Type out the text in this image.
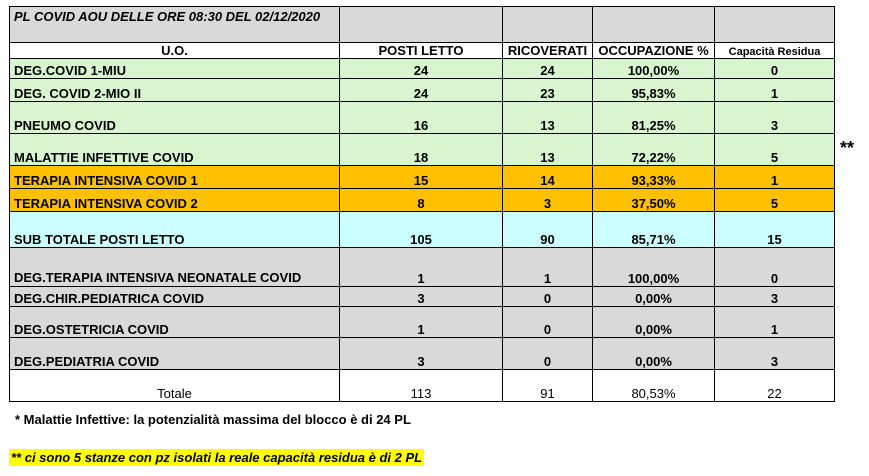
PL COVID AOU DELLE ORE 08:30 DEL 02/12/2020				
U.O.	POSTI LETTO	RICOVERATI	OCCUPAZIONE %	Capacità Residua
DEG.COVID 1-MIU	24	24	100,00%	0
DEG. COVID 2-MIO II	24	23	95,83%	1
PNEUMO COVID	16	13	81,25%	3
MALATTIE INFETTIVE COVID	18	13	72,22%	5
TERAPIA INTENSIVA COVID 1	15	14	93,33%	1
TERAPIA INTENSIVA COVID 2	8	3	37,50%	5
SUB TOTALE POSTI LETTO	105	90	85,71%	15
DEG.TERAPIA INTENSIVA NEONATALE COVID	1	1	100,00%	0
DEG.CHIR.PEDIATRICA COVID	3	0	0,00%	3
DEG.OSTETRICIA COVID	1	0	0,00%	1
DEG.PEDIATRIA COVID	3	0	0,00%	3
Totale	113	91	80,53%	22
**
* Malattie Infettive: la potenzialità massima del blocco è di 24 PL
** ci sono 5 stanze con pz isolati la reale capacità residua è di 2 PL
